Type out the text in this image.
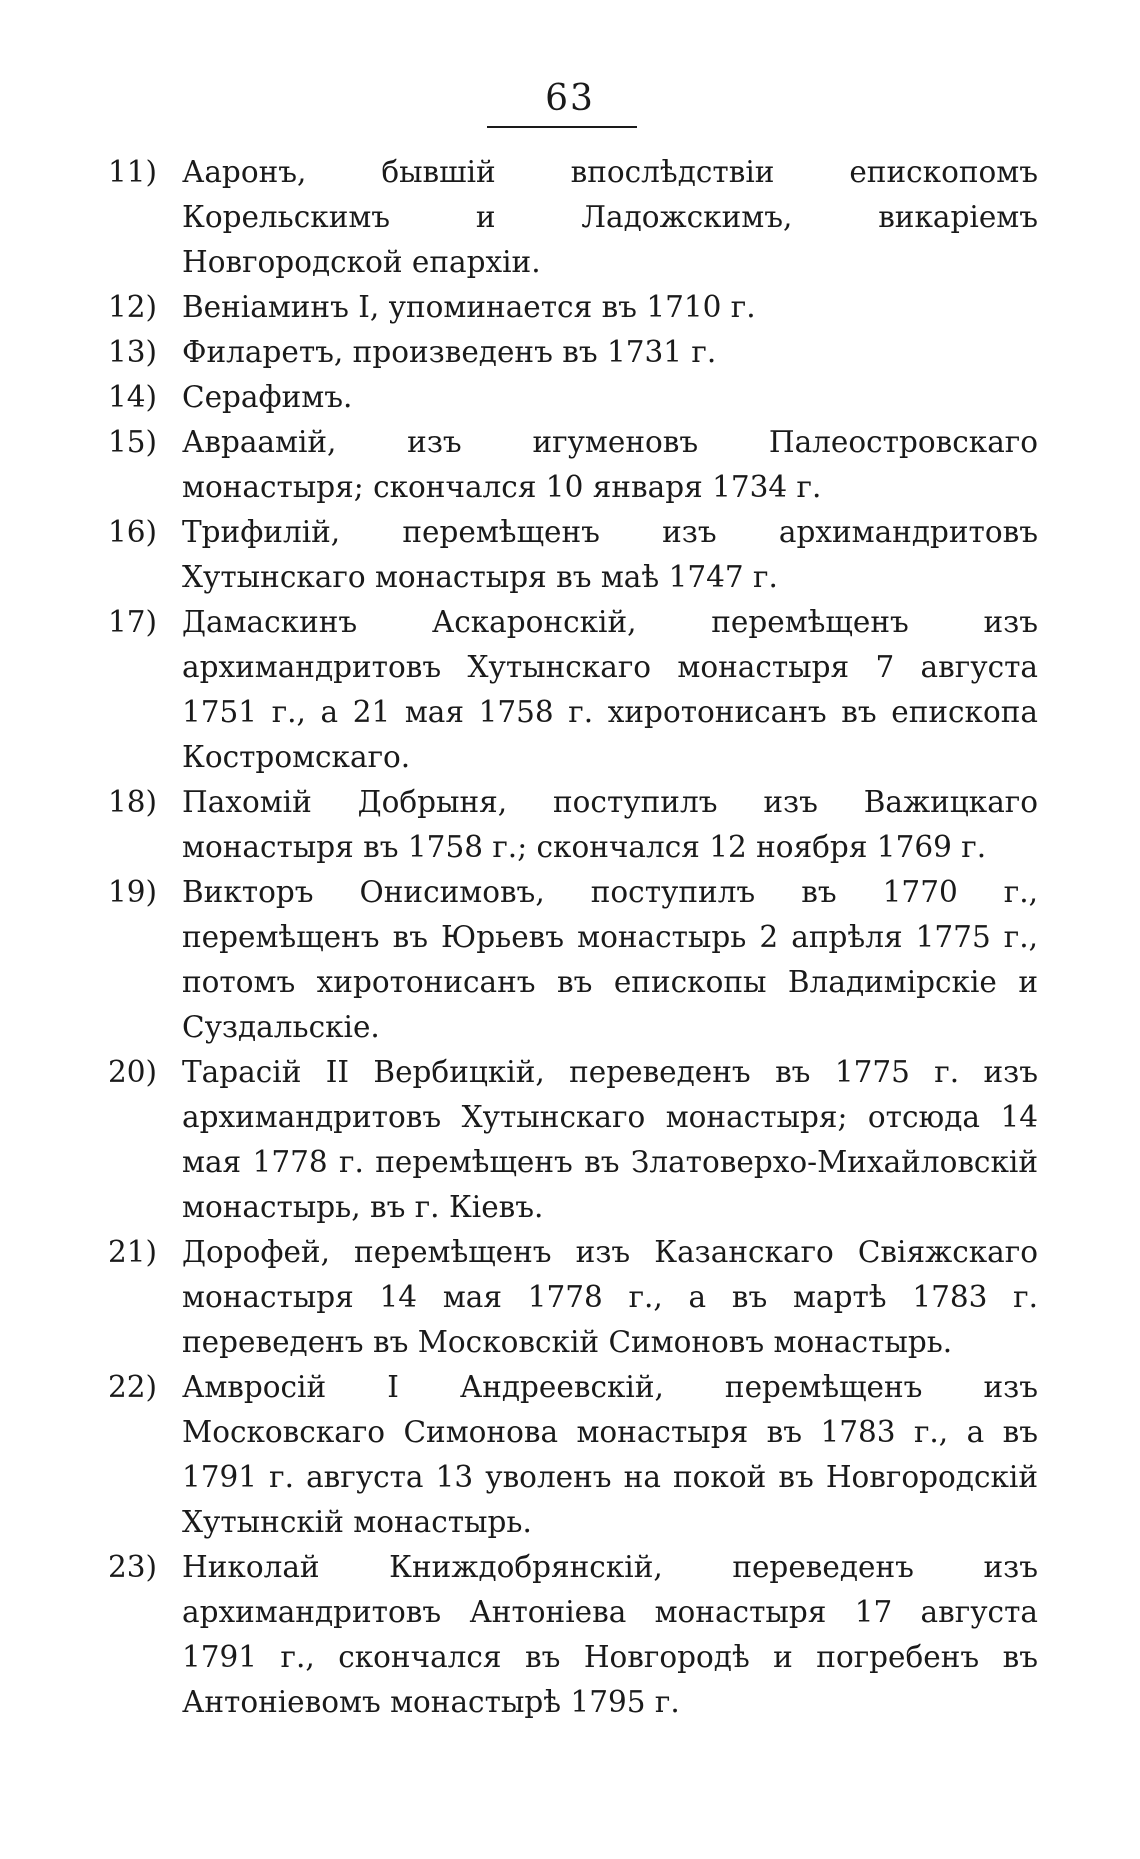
63
11) Ааронъ, бывшій впослѣдствіи епископомъ Корельскимъ и Ладожскимъ, викаріемъ Новгородской епархіи.
12) Веніаминъ I, упоминается въ 1710 г.
13) Филаретъ, произведенъ въ 1731 г.
14) Серафимъ.
15) Авраамій, изъ игуменовъ Палеостровскаго монастыря; скончался 10 января 1734 г.
16) Трифилій, перемѣщенъ изъ архимандритовъ Хутынскаго монастыря въ маѣ 1747 г.
17) Дамаскинъ Аскаронскій, перемѣщенъ изъ архимандритовъ Хутынскаго монастыря 7 августа 1751 г., а 21 мая 1758 г. хиротонисанъ въ епископа Костромскаго.
18) Пахомій Добрыня, поступилъ изъ Важицкаго монастыря въ 1758 г.; скончался 12 ноября 1769 г.
19) Викторъ Онисимовъ, поступилъ въ 1770 г., перемѣщенъ въ Юрьевъ монастырь 2 апрѣля 1775 г., потомъ хиротонисанъ въ епископы Владимірскіе и Суздальскіе.
20) Тарасій II Вербицкій, переведенъ въ 1775 г. изъ архимандритовъ Хутынскаго монастыря; отсюда 14 мая 1778 г. перемѣщенъ въ Златоверхо-Михайловскій монастырь, въ г. Кіевъ.
21) Дорофей, перемѣщенъ изъ Казанскаго Свіяжскаго монастыря 14 мая 1778 г., а въ мартѣ 1783 г. переведенъ въ Московскій Симоновъ монастырь.
22) Амвросій I Андреевскій, перемѣщенъ изъ Московскаго Симонова монастыря въ 1783 г., а въ 1791 г. августа 13 уволенъ на покой въ Новгородскій Хутынскій монастырь.
23) Николай Книждобрянскій, переведенъ изъ архимандритовъ Антоніева монастыря 17 августа 1791 г., скончался въ Новгородѣ и погребенъ въ Антоніевомъ монастырѣ 1795 г.
